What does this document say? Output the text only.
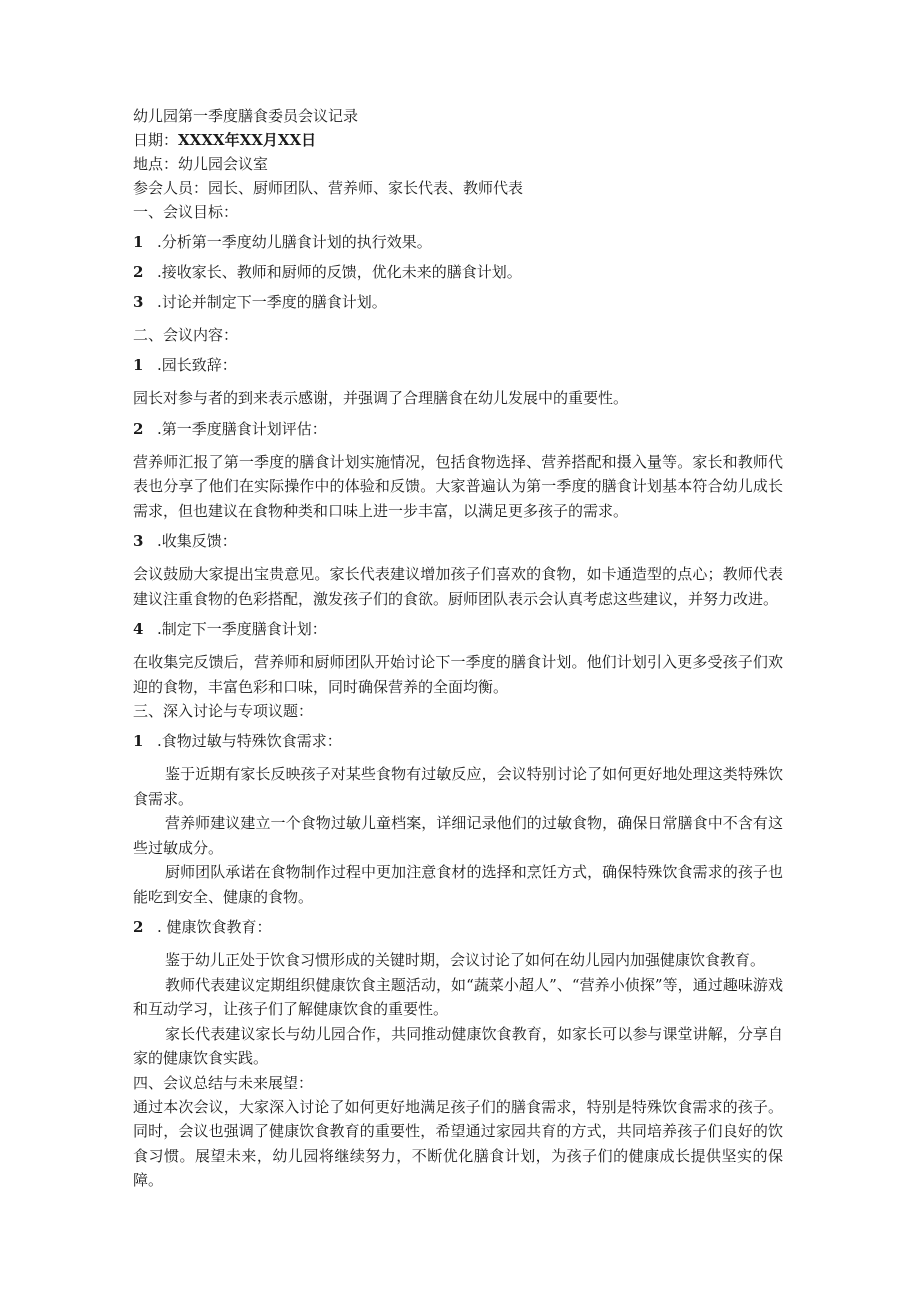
幼儿园第一季度膳食委员会议记录

日期：XXXX年XX月XX日

地点：幼儿园会议室

参会人员：园长、厨师团队、营养师、家长代表、教师代表

一、会议目标：

1 .分析第一季度幼儿膳食计划的执行效果。

2 .接收家长、教师和厨师的反馈，优化未来的膳食计划。

3 .讨论并制定下一季度的膳食计划。

二、会议内容：

1 .园长致辞：

园长对参与者的到来表示感谢，并强调了合理膳食在幼儿发展中的重要性。

2 .第一季度膳食计划评估：

营养师汇报了第一季度的膳食计划实施情况，包括食物选择、营养搭配和摄入量等。家长和教师代表也分享了他们在实际操作中的体验和反馈。大家普遍认为第一季度的膳食计划基本符合幼儿成长需求，但也建议在食物种类和口味上进一步丰富，以满足更多孩子的需求。

3 .收集反馈：

会议鼓励大家提出宝贵意见。家长代表建议增加孩子们喜欢的食物，如卡通造型的点心；教师代表建议注重食物的色彩搭配，激发孩子们的食欲。厨师团队表示会认真考虑这些建议，并努力改进。

4 .制定下一季度膳食计划：

在收集完反馈后，营养师和厨师团队开始讨论下一季度的膳食计划。他们计划引入更多受孩子们欢迎的食物，丰富色彩和口味，同时确保营养的全面均衡。

三、深入讨论与专项议题：

1 .食物过敏与特殊饮食需求：

鉴于近期有家长反映孩子对某些食物有过敏反应，会议特别讨论了如何更好地处理这类特殊饮食需求。

营养师建议建立一个食物过敏儿童档案，详细记录他们的过敏食物，确保日常膳食中不含有这些过敏成分。

厨师团队承诺在食物制作过程中更加注意食材的选择和烹饪方式，确保特殊饮食需求的孩子也能吃到安全、健康的食物。

2 . 健康饮食教育：

鉴于幼儿正处于饮食习惯形成的关键时期，会议讨论了如何在幼儿园内加强健康饮食教育。

教师代表建议定期组织健康饮食主题活动，如“蔬菜小超人”、“营养小侦探”等，通过趣味游戏和互动学习，让孩子们了解健康饮食的重要性。

家长代表建议家长与幼儿园合作，共同推动健康饮食教育，如家长可以参与课堂讲解，分享自家的健康饮食实践。

四、会议总结与未来展望：

通过本次会议，大家深入讨论了如何更好地满足孩子们的膳食需求，特别是特殊饮食需求的孩子。同时，会议也强调了健康饮食教育的重要性，希望通过家园共育的方式，共同培养孩子们良好的饮食习惯。展望未来，幼儿园将继续努力，不断优化膳食计划，为孩子们的健康成长提供坚实的保障。
